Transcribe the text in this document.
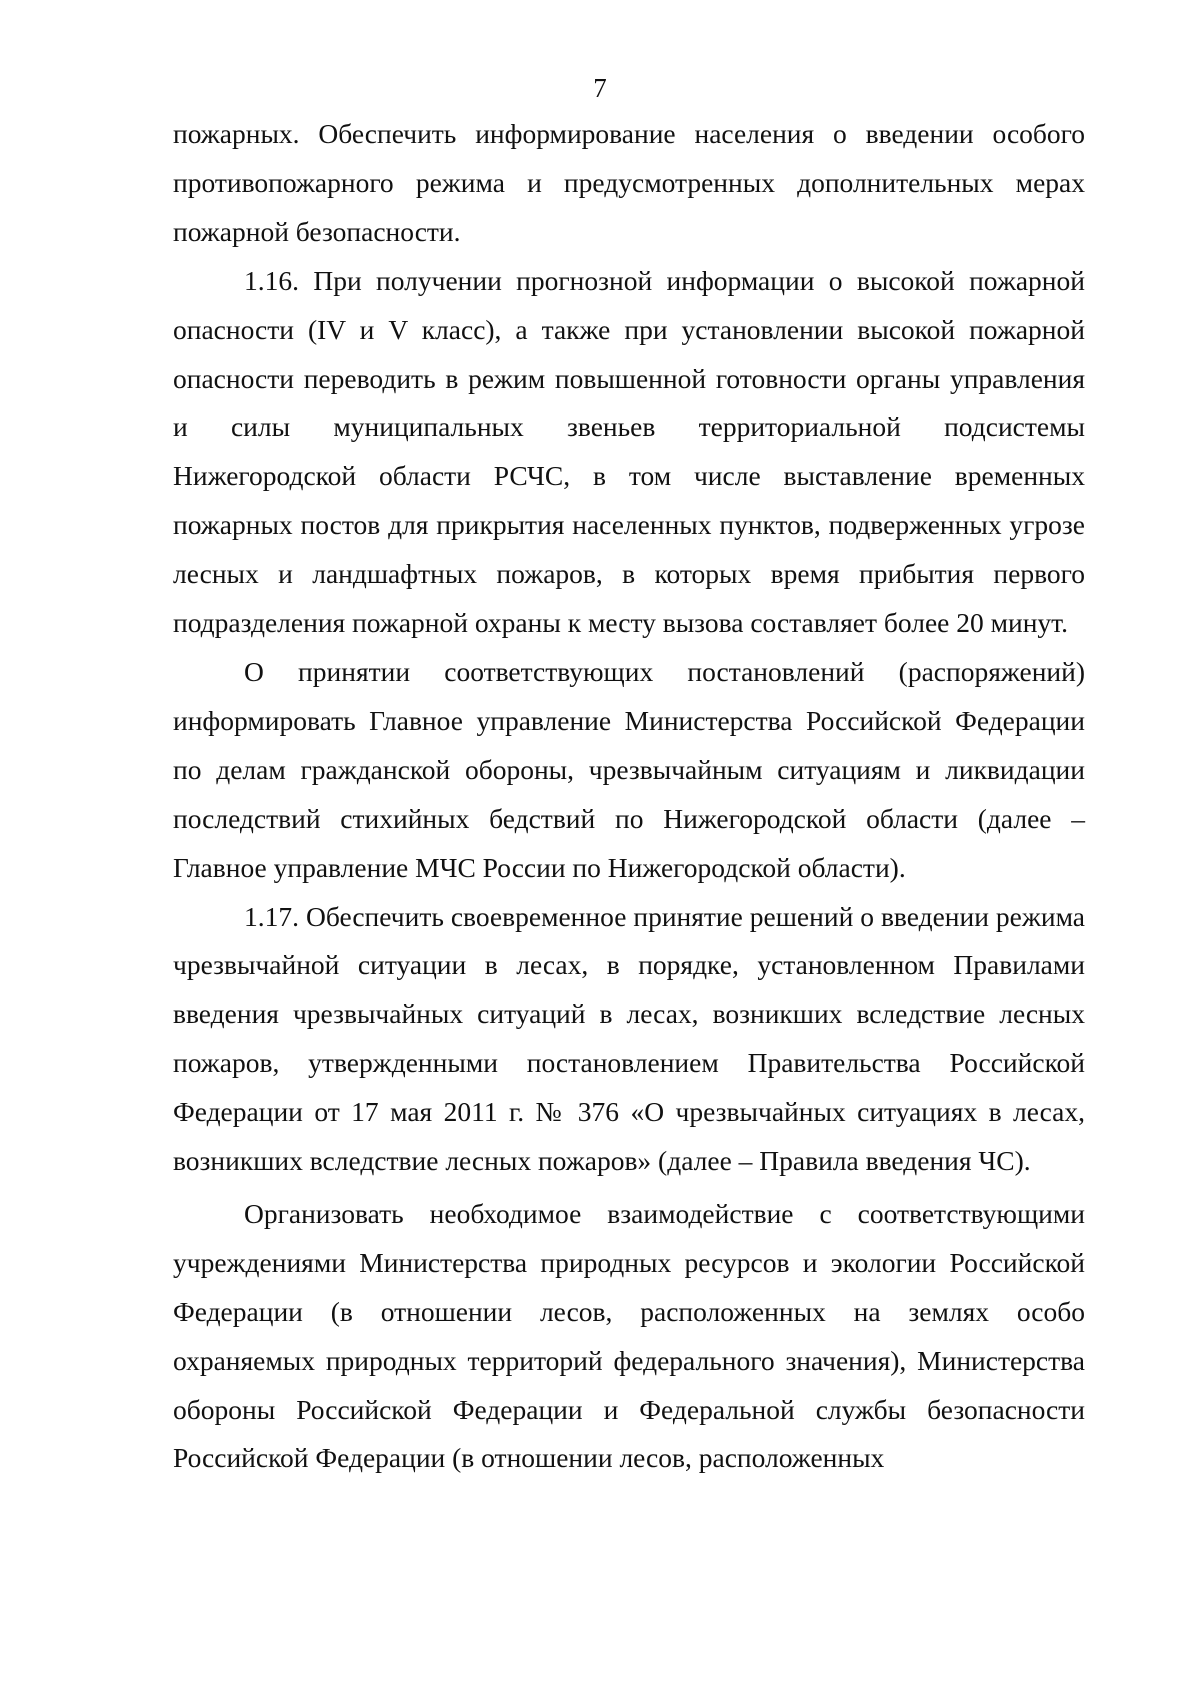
7

пожарных. Обеспечить информирование населения о введении особого противопожарного режима и предусмотренных дополнительных мерах пожарной безопасности.

1.16. При получении прогнозной информации о высокой пожарной опасности (IV и V класс), а также при установлении высокой пожарной опасности переводить в режим повышенной готовности органы управления и силы муниципальных звеньев территориальной подсистемы Нижегородской области РСЧС, в том числе выставление временных пожарных постов для прикрытия населенных пунктов, подверженных угрозе лесных и ландшафтных пожаров, в которых время прибытия первого подразделения пожарной охраны к месту вызова составляет более 20 минут.

О принятии соответствующих постановлений (распоряжений) информировать Главное управление Министерства Российской Федерации по делам гражданской обороны, чрезвычайным ситуациям и ликвидации последствий стихийных бедствий по Нижегородской области (далее – Главное управление МЧС России по Нижегородской области).

1.17. Обеспечить своевременное принятие решений о введении режима чрезвычайной ситуации в лесах, в порядке, установленном Правилами введения чрезвычайных ситуаций в лесах, возникших вследствие лесных пожаров, утвержденными постановлением Правительства Российской Федерации от 17 мая 2011 г. № 376 «О чрезвычайных ситуациях в лесах, возникших вследствие лесных пожаров» (далее – Правила введения ЧС).

Организовать необходимое взаимодействие с соответствующими учреждениями Министерства природных ресурсов и экологии Российской Федерации (в отношении лесов, расположенных на землях особо охраняемых природных территорий федерального значения), Министерства обороны Российской Федерации и Федеральной службы безопасности Российской Федерации (в отношении лесов, расположенных
